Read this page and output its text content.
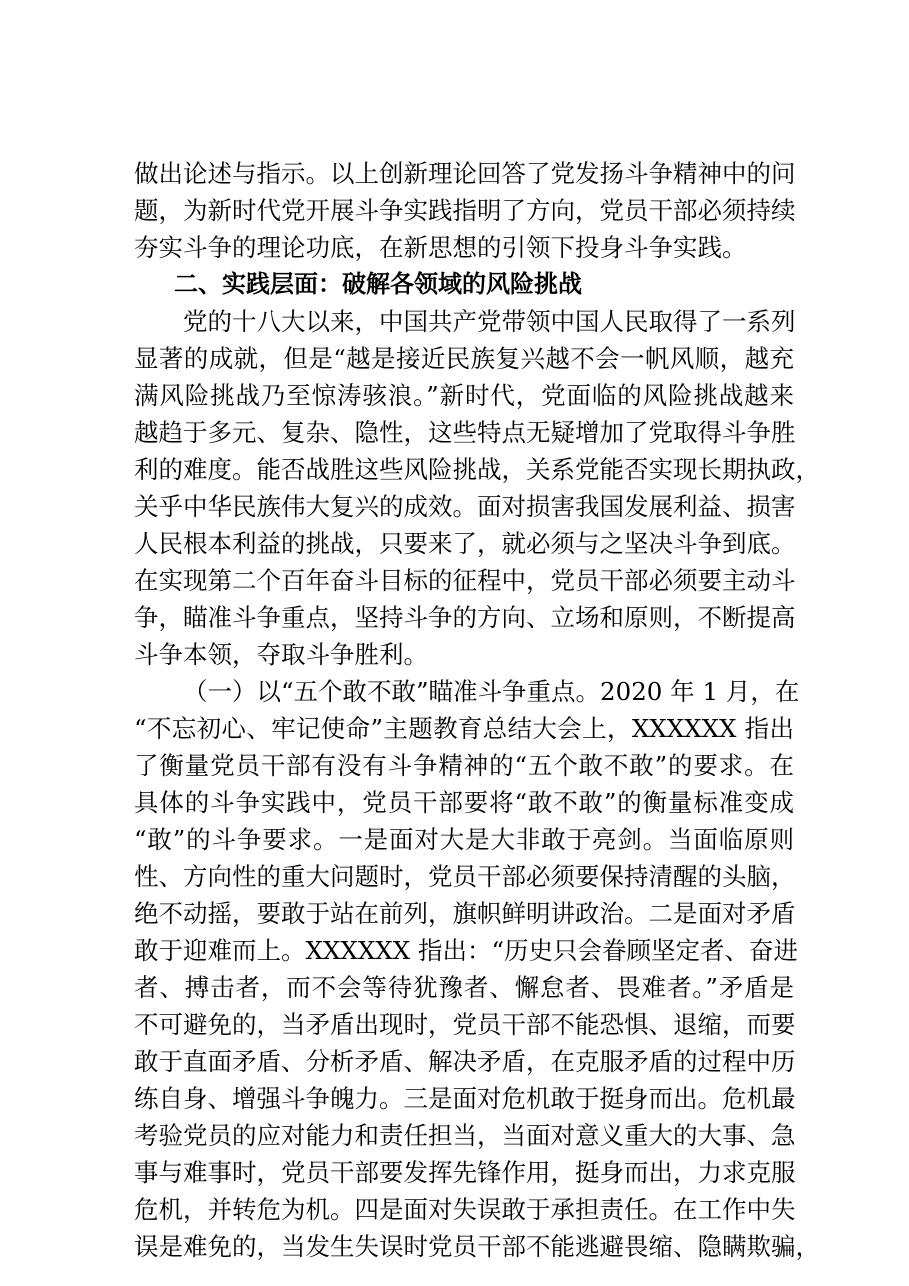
做出论述与指示。以上创新理论回答了党发扬斗争精神中的问
题，为新时代党开展斗争实践指明了方向，党员干部必须持续
夯实斗争的理论功底，在新思想的引领下投身斗争实践。
二、实践层面：破解各领域的风险挑战
党的十八大以来，中国共产党带领中国人民取得了一系列
显著的成就，但是“越是接近民族复兴越不会一帆风顺，越充
满风险挑战乃至惊涛骇浪。”新时代，党面临的风险挑战越来
越趋于多元、复杂、隐性，这些特点无疑增加了党取得斗争胜
利的难度。能否战胜这些风险挑战，关系党能否实现长期执政，
关乎中华民族伟大复兴的成效。面对损害我国发展利益、损害
人民根本利益的挑战，只要来了，就必须与之坚决斗争到底。
在实现第二个百年奋斗目标的征程中，党员干部必须要主动斗
争，瞄准斗争重点，坚持斗争的方向、立场和原则，不断提高
斗争本领，夺取斗争胜利。
（一）以“五个敢不敢”瞄准斗争重点。2020 年 1 月，在
“不忘初心、牢记使命”主题教育总结大会上，XXXXXX 指出
了衡量党员干部有没有斗争精神的“五个敢不敢”的要求。在
具体的斗争实践中，党员干部要将“敢不敢”的衡量标准变成
“敢”的斗争要求。一是面对大是大非敢于亮剑。当面临原则
性、方向性的重大问题时，党员干部必须要保持清醒的头脑，
绝不动摇，要敢于站在前列，旗帜鲜明讲政治。二是面对矛盾
敢于迎难而上。XXXXXX 指出：“历史只会眷顾坚定者、奋进
者、搏击者，而不会等待犹豫者、懈怠者、畏难者。”矛盾是
不可避免的，当矛盾出现时，党员干部不能恐惧、退缩，而要
敢于直面矛盾、分析矛盾、解决矛盾，在克服矛盾的过程中历
练自身、增强斗争魄力。三是面对危机敢于挺身而出。危机最
考验党员的应对能力和责任担当，当面对意义重大的大事、急
事与难事时，党员干部要发挥先锋作用，挺身而出，力求克服
危机，并转危为机。四是面对失误敢于承担责任。在工作中失
误是难免的，当发生失误时党员干部不能逃避畏缩、隐瞒欺骗，
